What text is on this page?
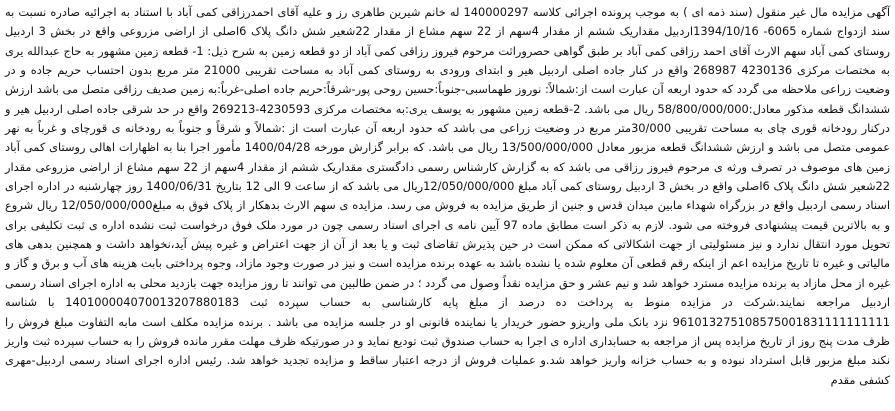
آگهی مزایده مال غیر منقول (سند ذمه ای ) به موجب پرونده اجرائی کلاسه 140000297 له خانم شیرین طاهری رز و علیه آقای احمدرزاقی کمی آباد با استناد به اجرائیه صادره نسبت به سند ازدواج شماره 6065- 1394/10/16اردبیل مقداریک ششم از مقدار 4سهم از 22 سهم مشاع از مقدار 22شعیر شش دانگ پلاک 6اصلی از اراضی مزروعی واقع در بخش 3 اردبیل روستای کمی آباد سهم الارث آقای احمد رزاقی کمی آباد بر طبق گواهی حصروراثت مرحوم فیروز رزاقی کمی آباد از دو قطعه زمین به شرح ذیل: 1- قطعه زمین مشهور به حاج عبدالله یری به مختصات مرکزی 4230136 268987 واقع در کنار جاده اصلی اردبیل هیر و ابتدای ورودی به روستای کمی آباد به مساحت تقریبی 21000 متر مربع بدون احتساب حریم جاده و در وضعیت زراعی ملاحظه می گردد که حدود اربعه آن عبارت است از:شمالاً: نوروز طهماسبی-جنوباً:حسین روحی پور-شرقاً:حریم جاده اصلی-غرباً:به زمین صدیف رزاقی متصل می باشد ارزش ششدانگ قطعه مذکور معادل:58/800/000/000 ریال می باشد. 2-قطعه زمین مشهور به یوسف یری:به مختصات مرکزی 4230593-269213 واقع در حد شرقی جاده اصلی اردبیل هیر و درکنار رودخانه قوری چای به مساحت تقریبی 30/000متر مربع در وضعیت زراعی می باشد که حدود اربعه آن عبارت است از :شمالاً و شرقاً و جنوباً به رودخانه ی قورچای و غرباً به نهر عمومی متصل می باشد و ارزش ششدانگ قطعه مزبور معادل 13/500/000/000 ریال می باشد. که برابر گزارش مورخه 1400/04/28 مأمور اجرا بنا به اظهارات اهالی روستای کمی آباد زمین های موصوف در تصرف ورثه ی مرحوم فیروز رزاقی می باشد که به گزارش کارشناس رسمی دادگستری مقداریک ششم از مقدار 4سهم از 22 سهم مشاع از اراضی مزروعی مقدار 22شعیر شش دانگ پلاک 6اصلی واقع در بخش 3 اردبیل روستای کمی آباد مبلغ 12/050/000/000ریال می باشد که از ساعت 9 الی 12 بتاریخ 1400/06/31 روز چهارشنبه در اداره اجرای اسناد رسمی اردبیل واقع در بزرگراه شهداء مابین میدان قدس و جنین از طریق مزایده به فروش می رسد. مزایده ی سهم الارث بدهکار از پلاک فوق به مبلغ12/050/000/000 ریال شروع و به بالاترین قیمت پیشنهادی فروخته می شود. لازم به ذکر است مطابق ماده 97 آیین نامه ی اجرای اسناد رسمی چون در مورد ملک فوق درخواست ثبت نشده اداره ی ثبت تکلیفی برای تحویل مورد انتقال ندارد و نیز مسئولیتی از جهت اشکالاتی که ممکن است در حین پذیرش تقاضای ثبت و یا بعد از آن از جهت اعتراض و غیره پیش آید،نخواهد داشت و همچنین بدهی های مالیاتی و غیره تا تاریخ مزایده اعم از اینکه رقم قطعی آن معلوم شده یا نشده باشد به عهده برنده مزایده است و نیز در صورت وجود مازاد، وجوه پرداختی بابت هزینه های آب و برق و گاز و غیره از محل مازاد به برنده مزایده مسترد خواهد شد و نیم عشر و حق مزایده نقداً وصول می گردد ؛ در ضمن طالبین می توانند تا روز مزایده جهت بازدید محلی به اداره اجرای اسناد رسمی اردبیل مراجعه نمایند.شرکت در مزایده منوط به پرداخت ده درصد از مبلغ پایه کارشناسی به حساب سپرده ثبت 140100004070013207880183 با شناسه 961013275108575001831111111111 نزد بانک ملی واریزو حضور خریدار یا نماینده قانونی او در جلسه مزایده می باشد . برنده مزایده مکلف است مابه التفاوت مبلغ فروش را ظرف مدت پنج روز از تاریخ مزایده پس از مراجعه به حسابداری اداره ی اجرا به حساب صندوق ثبت تودیع نماید و در صورتیکه ظرف مهلت مقرر مانده فروش را به حساب سپرده ثبت واریز نکند مبلغ مزبور قابل استرداد نبوده و به حساب خزانه واریز خواهد شد.و عملیات فروش از درجه اعتبار ساقط و مزایده تجدید خواهد شد. رئیس اداره اجرای اسناد رسمی اردبیل-مهری کشفی مقدم
